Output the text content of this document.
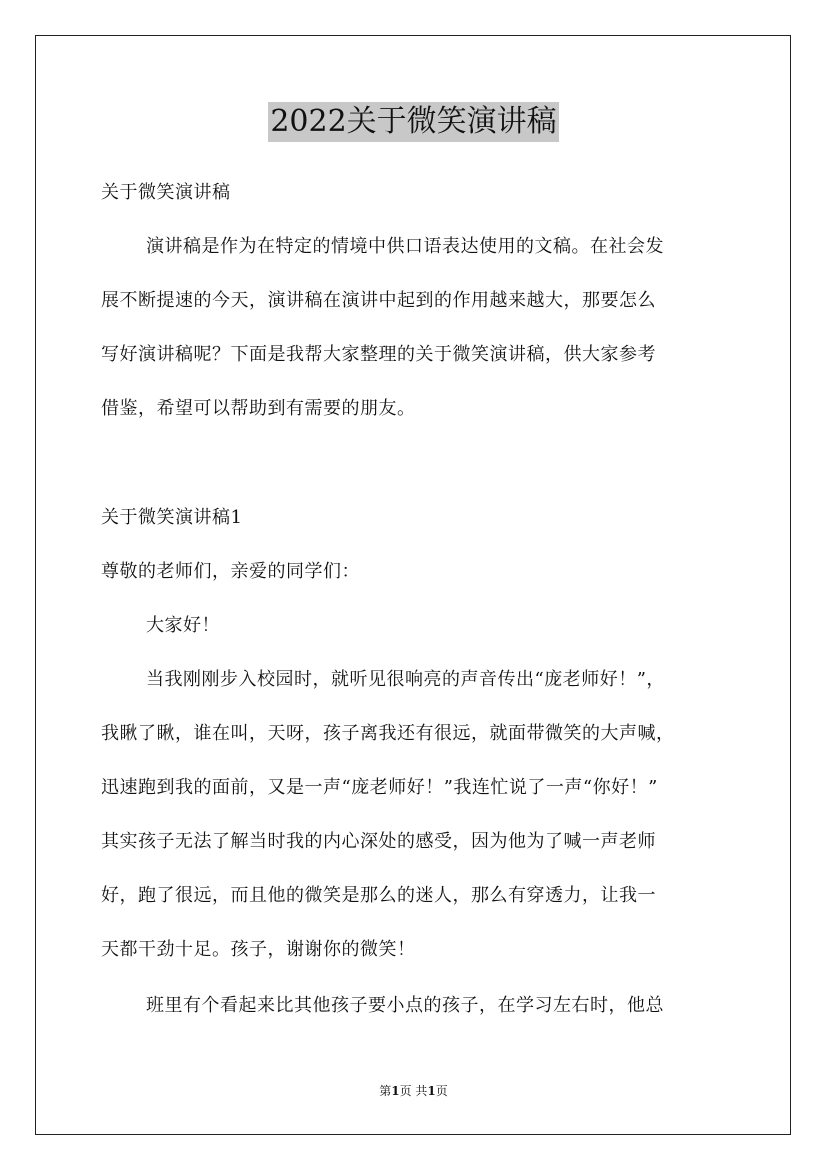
2022关于微笑演讲稿
关于微笑演讲稿
演讲稿是作为在特定的情境中供口语表达使用的文稿。在社会发
展不断提速的今天，演讲稿在演讲中起到的作用越来越大，那要怎么
写好演讲稿呢？下面是我帮大家整理的关于微笑演讲稿，供大家参考
借鉴，希望可以帮助到有需要的朋友。
关于微笑演讲稿1
尊敬的老师们，亲爱的同学们：
大家好！
当我刚刚步入校园时，就听见很响亮的声音传出“庞老师好！”，
我瞅了瞅，谁在叫，天呀，孩子离我还有很远，就面带微笑的大声喊，
迅速跑到我的面前，又是一声“庞老师好！”我连忙说了一声“你好！”
其实孩子无法了解当时我的内心深处的感受，因为他为了喊一声老师
好，跑了很远，而且他的微笑是那么的迷人，那么有穿透力，让我一
天都干劲十足。孩子，谢谢你的微笑！
班里有个看起来比其他孩子要小点的孩子，在学习左右时，他总
第1页 共1页
